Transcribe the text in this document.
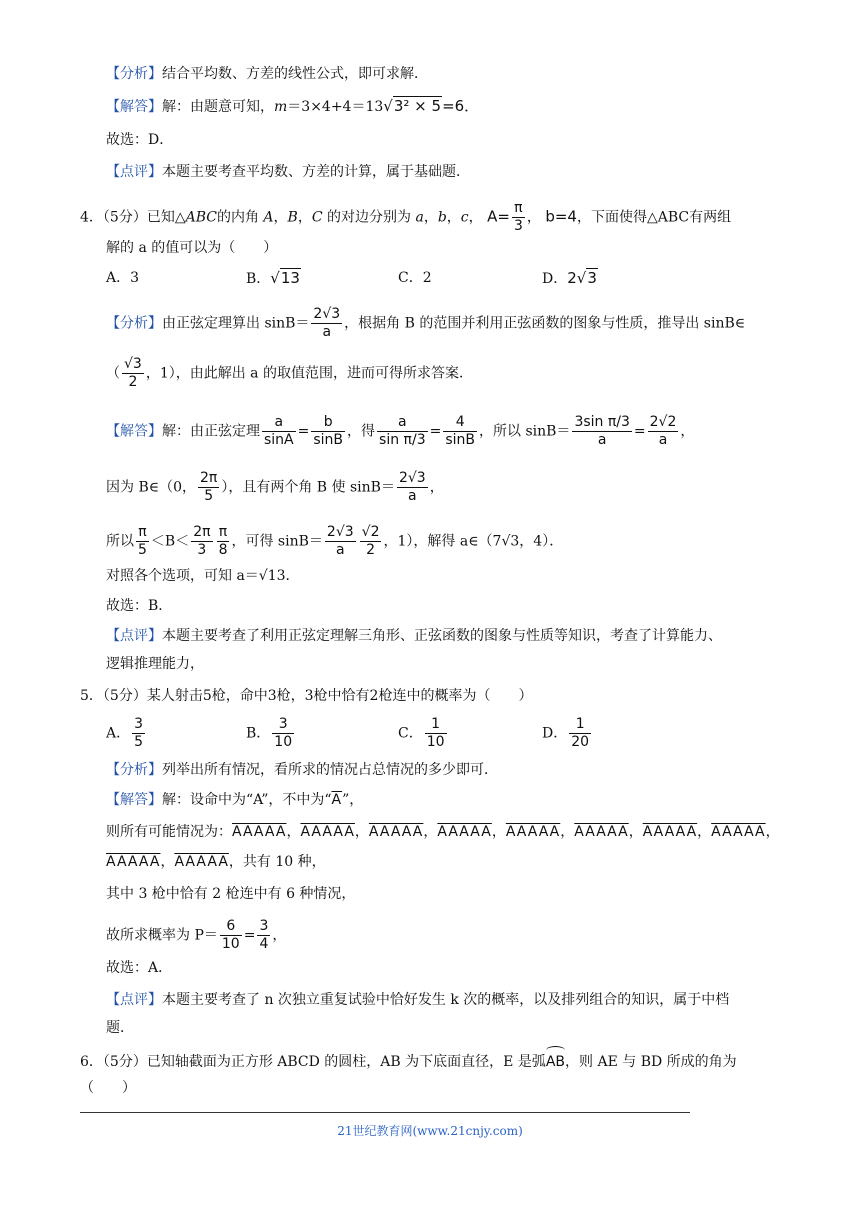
【分析】结合平均数、方差的线性公式，即可求解．
【解答】解：由题意可知，m＝3×4+4＝13√3² × 5=6．
故选：D．
【点评】本题主要考查平均数、方差的计算，属于基础题．
4．（5分）已知△ABC的内角 A，B，C 的对边分别为 a，b，c， $A= \frac{\pi}{3}$ ， b=4，下面使得△ABC有两组
解的 a 的值可以为（　　）
A．3	B．√13	C．2	D．2√3
【分析】由正弦定理算出 $\sin B= \frac{2√3}{a}$ ，根据角 B 的范围并利用正弦函数的图象与性质，推导出 sinB∈
（ $\frac{√3}{2}$ ，1），由此解出 a 的取值范围，进而可得所求答案．
【解答】解：由正弦定理 $\frac{a}{\sin A} = \frac{b}{\sin B}$ ，得 $\frac{a}{\text{sin π/3}} = \frac{4}{\sin B}$ ，所以 $\sin B= \frac{\text{3sin π/3}}{a} = \frac{2√2}{a}$ ，
因为 B∈（0， $\frac{2\pi}{5}$ ），且有两个角 B 使 $\sin B= \frac{2√3}{a}$ ，
所以 $\frac{\pi}{5} <B< \frac{2\pi}{3} \frac{\pi}{8}$ ，可得 $\sin B= \frac{2√3}{a} \frac{√2}{2}$ ，1），解得 a∈（7√3，4）．
对照各个选项，可知 a＝√13．
故选：B．
【点评】本题主要考查了利用正弦定理解三角形、正弦函数的图象与性质等知识，考查了计算能力、
逻辑推理能力，
5．（5分）某人射击5枪，命中3枪，3枪中恰有2枪连中的概率为（　　）
A． $\frac{3}{5}$	B． $\frac{3}{10}$	C． $\frac{1}{10}$	D． $\frac{1}{20}$
【分析】列举出所有情况，看所求的情况占总情况的多少即可．
【解答】解：设命中为“A”，不中为“$\overline{A}$”，
则所有可能情况为：AAAAA，AAAAA，AAAAA，AAAAA，AAAAA，AAAAA，AAAAA，AAAAA，
AAAAA，AAAAA，共有 10 种，
其中 3 枪中恰有 2 枪连中有 6 种情况，
故所求概率为 $P= \frac{6}{10} = \frac{3}{4}$ ，
故选：A．
【点评】本题主要考查了 n 次独立重复试验中恰好发生 k 次的概率，以及排列组合的知识，属于中档
题．
6．（5分）已知轴截面为正方形 ABCD 的圆柱，AB 为下底面直径，E 是弧AB，则 AE 与 BD 所成的角为
（　　）
21世纪教育网(www.21cnjy.com)
